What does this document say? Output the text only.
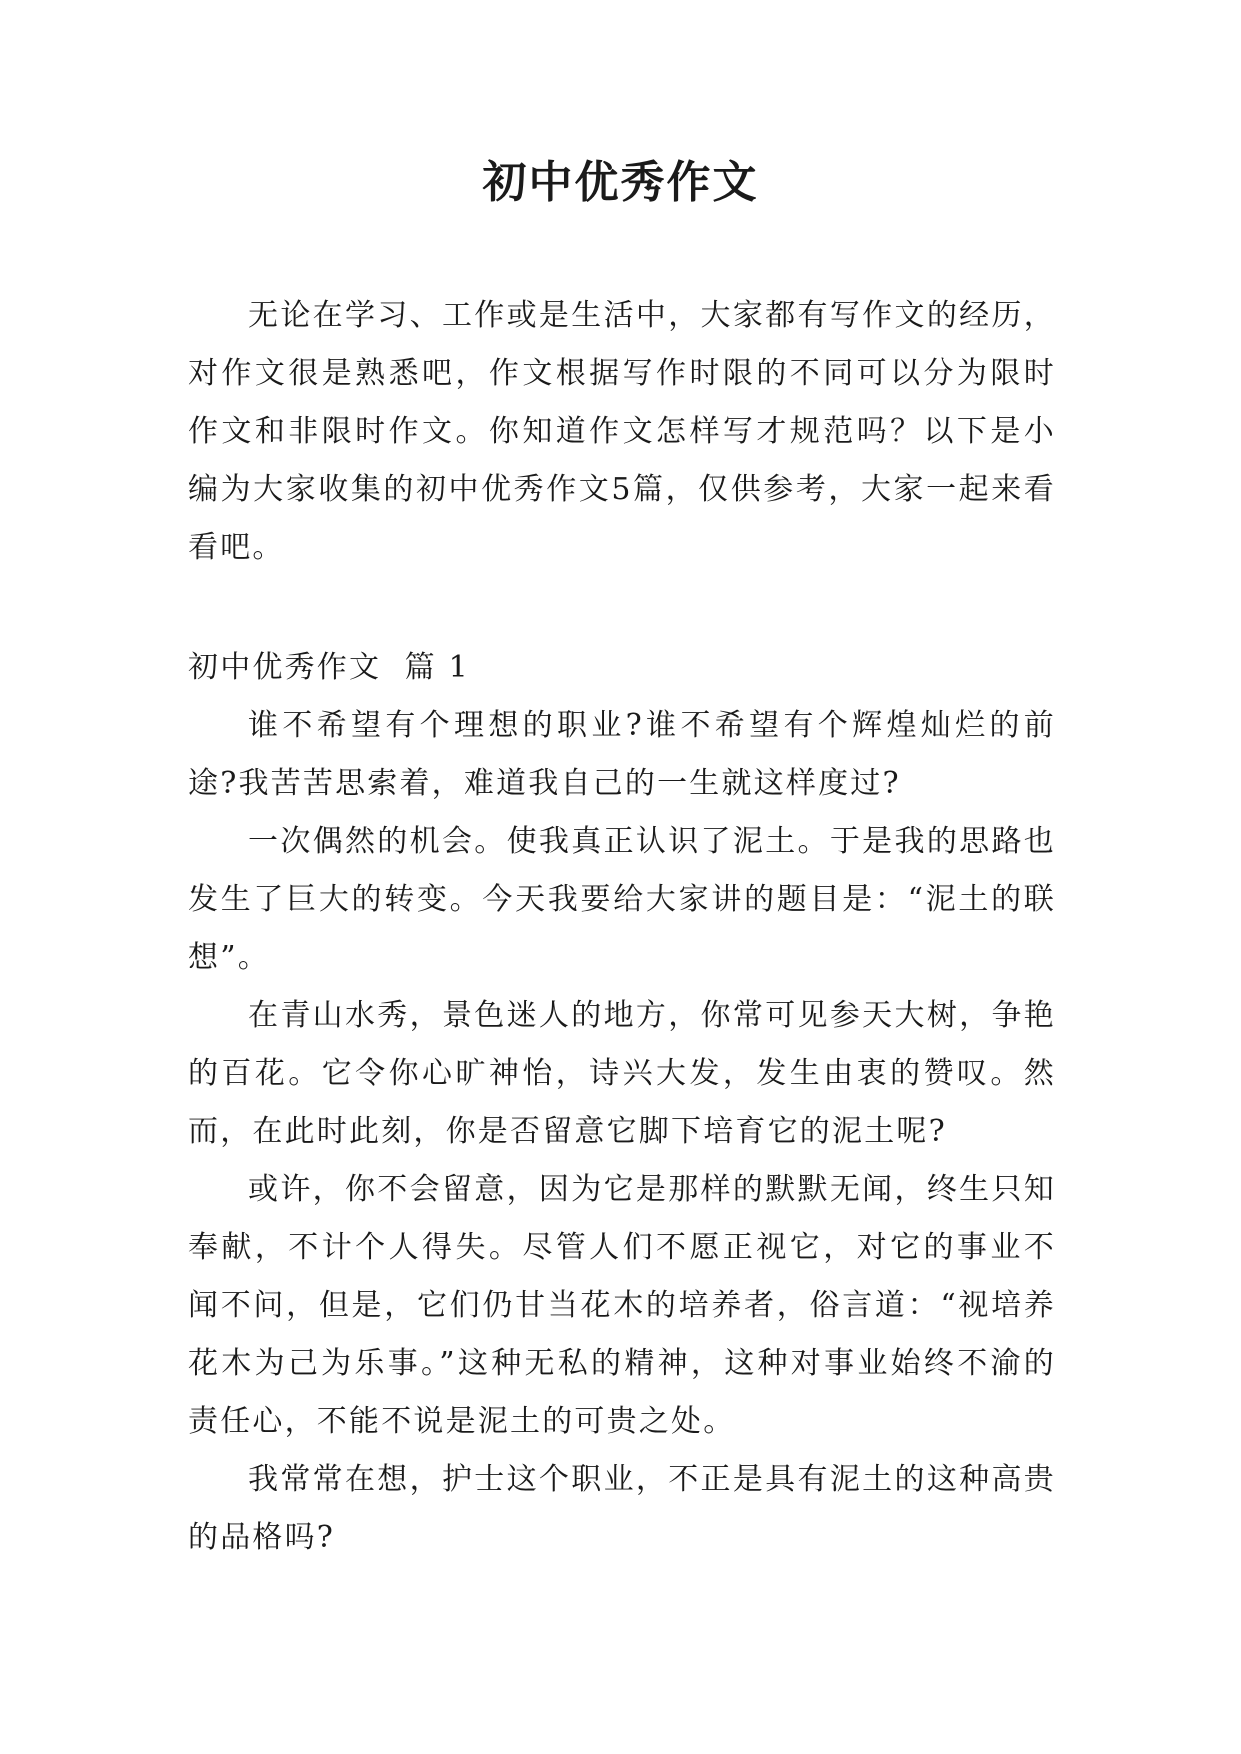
初中优秀作文

无论在学习、工作或是生活中，大家都有写作文的经历，对作文很是熟悉吧，作文根据写作时限的不同可以分为限时作文和非限时作文。你知道作文怎样写才规范吗？以下是小编为大家收集的初中优秀作文5篇，仅供参考，大家一起来看看吧。

初中优秀作文  篇 1

谁不希望有个理想的职业?谁不希望有个辉煌灿烂的前途?我苦苦思索着，难道我自己的一生就这样度过?

一次偶然的机会。使我真正认识了泥土。于是我的思路也发生了巨大的转变。今天我要给大家讲的题目是：“泥土的联想”。

在青山水秀，景色迷人的地方，你常可见参天大树，争艳的百花。它令你心旷神怡，诗兴大发，发生由衷的赞叹。然而，在此时此刻，你是否留意它脚下培育它的泥土呢?

或许，你不会留意，因为它是那样的默默无闻，终生只知奉献，不计个人得失。尽管人们不愿正视它，对它的事业不闻不问，但是，它们仍甘当花木的培养者，俗言道：“视培养花木为己为乐事。”这种无私的精神，这种对事业始终不渝的责任心，不能不说是泥土的可贵之处。

我常常在想，护士这个职业，不正是具有泥土的这种高贵的品格吗?
